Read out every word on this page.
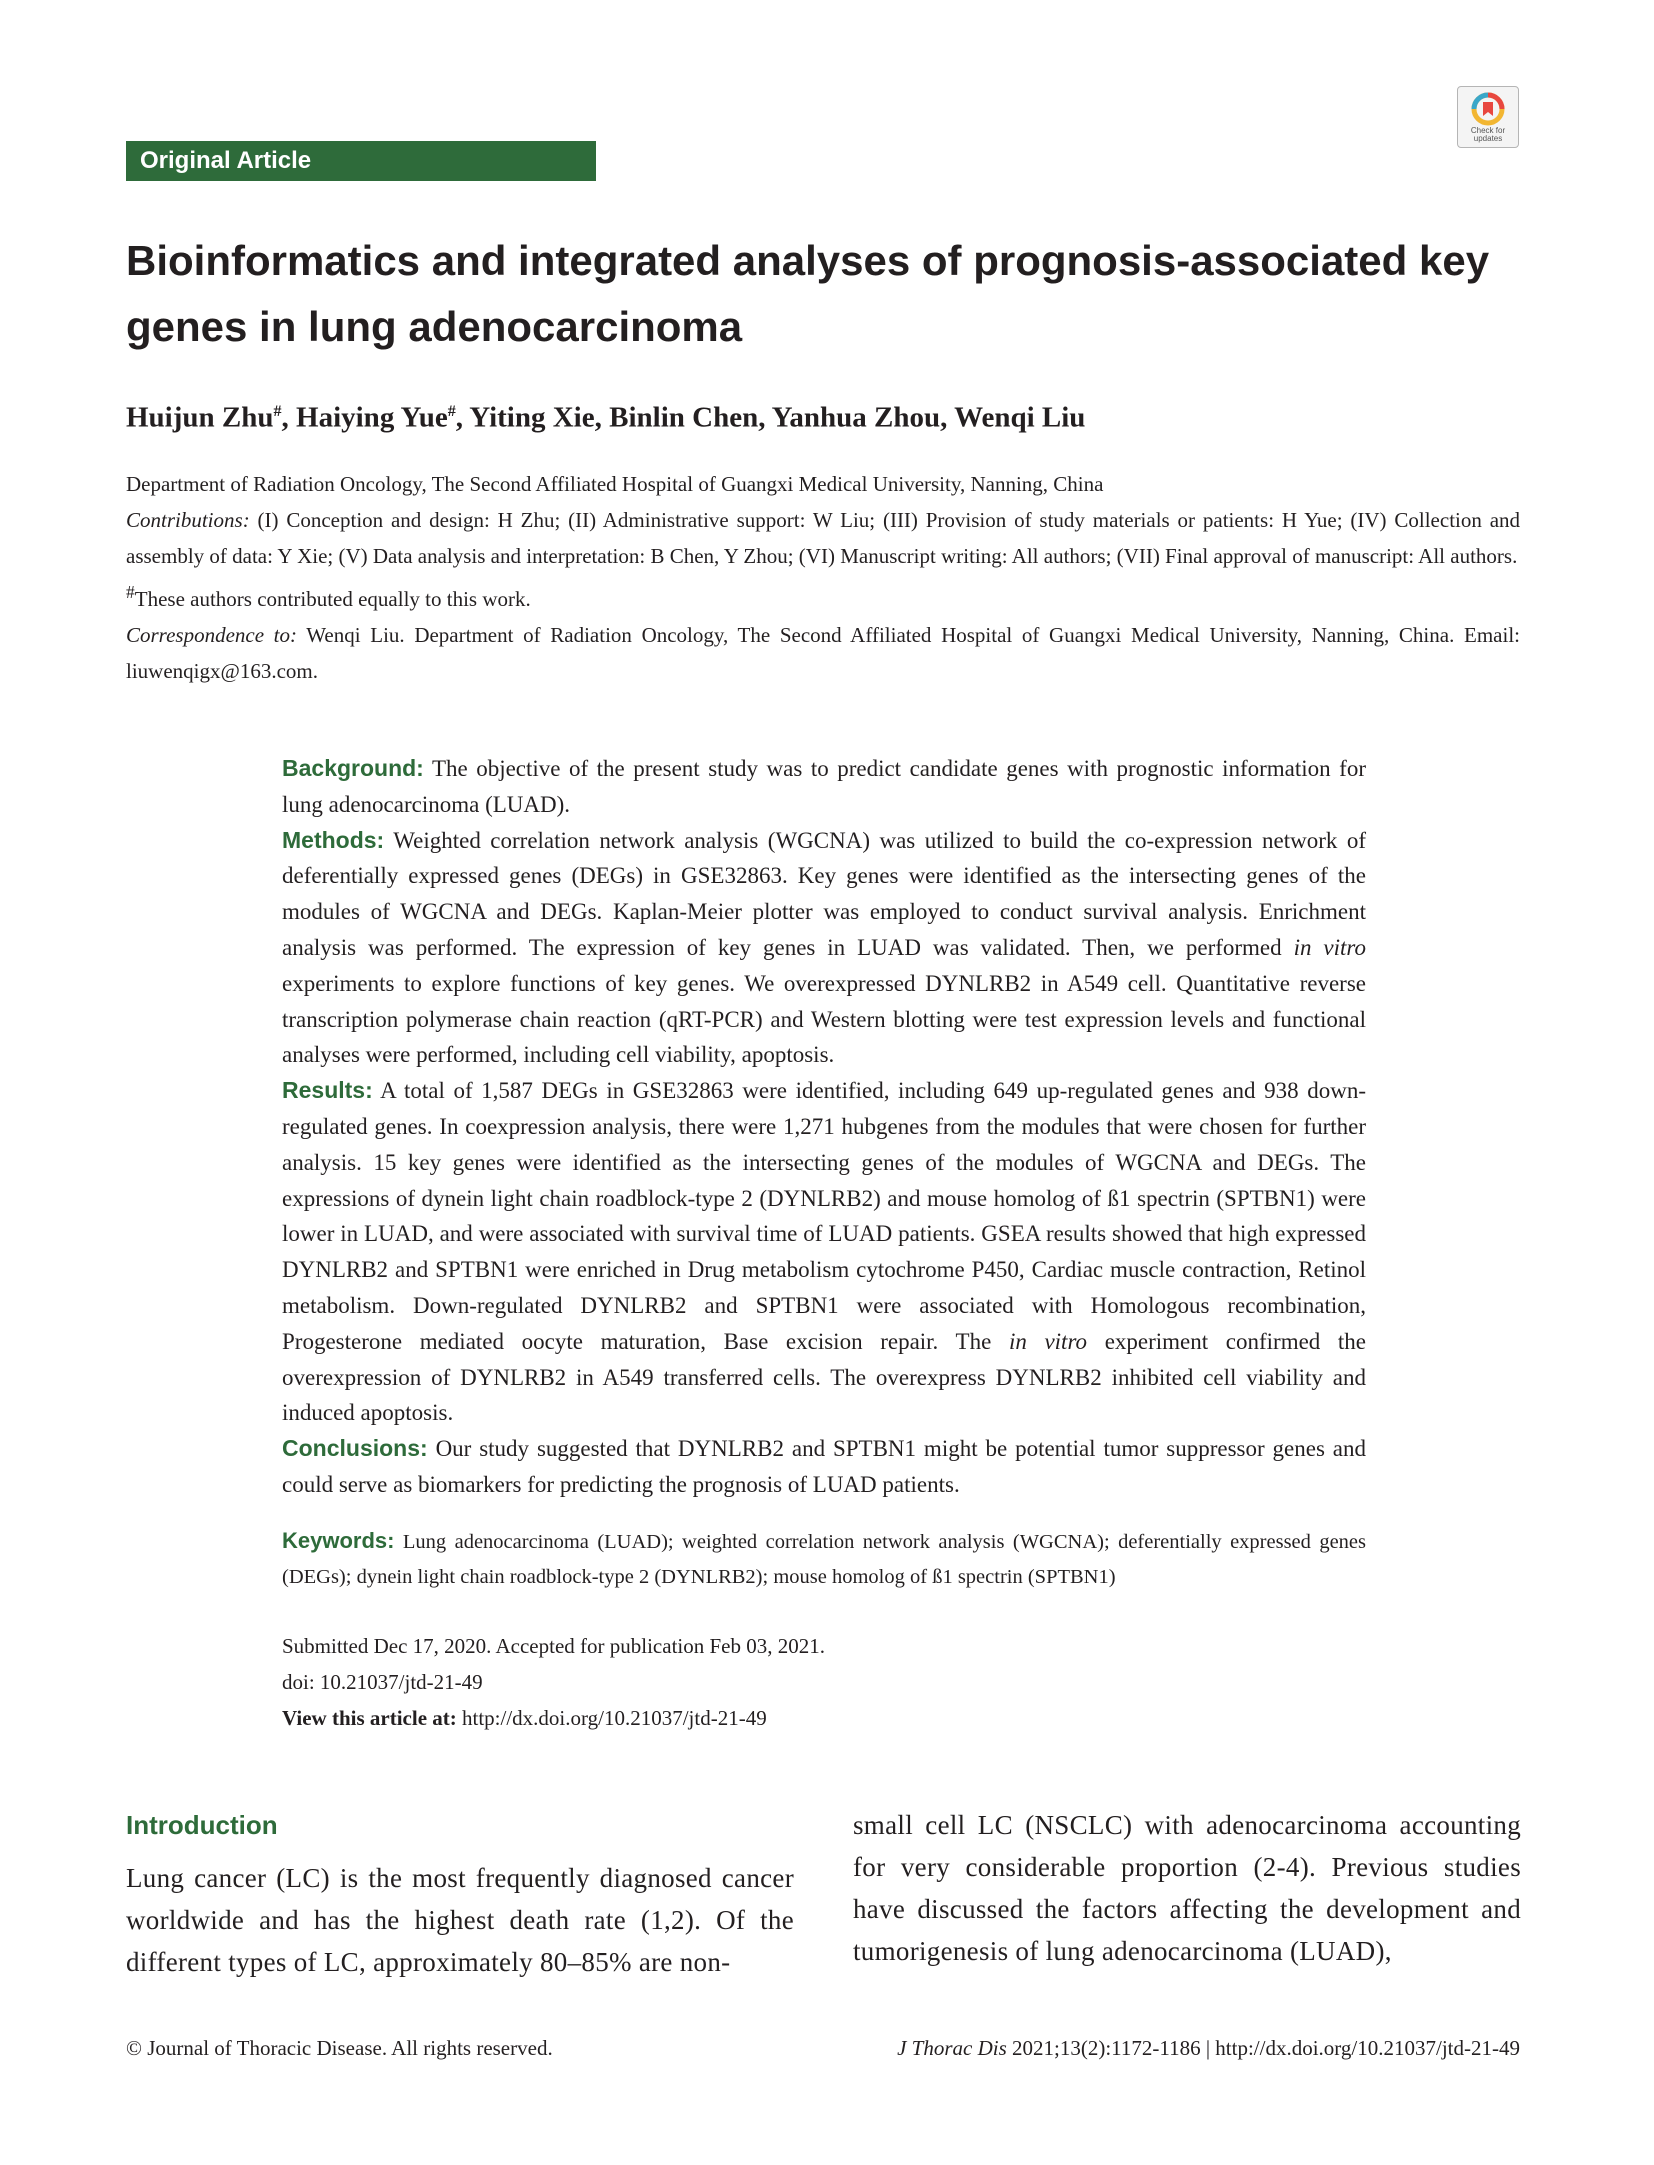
Original Article
Check for updates
Bioinformatics and integrated analyses of prognosis-associated key genes in lung adenocarcinoma
Huijun Zhu#, Haiying Yue#, Yiting Xie, Binlin Chen, Yanhua Zhou, Wenqi Liu

Department of Radiation Oncology, The Second Affiliated Hospital of Guangxi Medical University, Nanning, China

Contributions: (I) Conception and design: H Zhu; (II) Administrative support: W Liu; (III) Provision of study materials or patients: H Yue; (IV) Collection and assembly of data: Y Xie; (V) Data analysis and interpretation: B Chen, Y Zhou; (VI) Manuscript writing: All authors; (VII) Final approval of manuscript: All authors.

#These authors contributed equally to this work.

Correspondence to: Wenqi Liu. Department of Radiation Oncology, The Second Affiliated Hospital of Guangxi Medical University, Nanning, China. Email: liuwenqigx@163.com.

Background: The objective of the present study was to predict candidate genes with prognostic information for lung adenocarcinoma (LUAD).

Methods: Weighted correlation network analysis (WGCNA) was utilized to build the co-expression network of deferentially expressed genes (DEGs) in GSE32863. Key genes were identified as the intersecting genes of the modules of WGCNA and DEGs. Kaplan-Meier plotter was employed to conduct survival analysis. Enrichment analysis was performed. The expression of key genes in LUAD was validated. Then, we performed in vitro experiments to explore functions of key genes. We overexpressed DYNLRB2 in A549 cell. Quantitative reverse transcription polymerase chain reaction (qRT-PCR) and Western blotting were test expression levels and functional analyses were performed, including cell viability, apoptosis.

Results: A total of 1,587 DEGs in GSE32863 were identified, including 649 up-regulated genes and 938 down-regulated genes. In coexpression analysis, there were 1,271 hubgenes from the modules that were chosen for further analysis. 15 key genes were identified as the intersecting genes of the modules of WGCNA and DEGs. The expressions of dynein light chain roadblock-type 2 (DYNLRB2) and mouse homolog of ß1 spectrin (SPTBN1) were lower in LUAD, and were associated with survival time of LUAD patients. GSEA results showed that high expressed DYNLRB2 and SPTBN1 were enriched in Drug metabolism cytochrome P450, Cardiac muscle contraction, Retinol metabolism. Down-regulated DYNLRB2 and SPTBN1 were associated with Homologous recombination, Progesterone mediated oocyte maturation, Base excision repair. The in vitro experiment confirmed the overexpression of DYNLRB2 in A549 transferred cells. The overexpress DYNLRB2 inhibited cell viability and induced apoptosis.

Conclusions: Our study suggested that DYNLRB2 and SPTBN1 might be potential tumor suppressor genes and could serve as biomarkers for predicting the prognosis of LUAD patients.

Keywords: Lung adenocarcinoma (LUAD); weighted correlation network analysis (WGCNA); deferentially expressed genes (DEGs); dynein light chain roadblock-type 2 (DYNLRB2); mouse homolog of ß1 spectrin (SPTBN1)

Submitted Dec 17, 2020. Accepted for publication Feb 03, 2021.

doi: 10.21037/jtd-21-49

View this article at: http://dx.doi.org/10.21037/jtd-21-49

Introduction
Lung cancer (LC) is the most frequently diagnosed cancer worldwide and has the highest death rate (1,2). Of the different types of LC, approximately 80–85% are non-
small cell LC (NSCLC) with adenocarcinoma accounting for very considerable proportion (2-4). Previous studies have discussed the factors affecting the development and tumorigenesis of lung adenocarcinoma (LUAD),
© Journal of Thoracic Disease. All rights reserved.	J Thorac Dis 2021;13(2):1172-1186 | http://dx.doi.org/10.21037/jtd-21-49
